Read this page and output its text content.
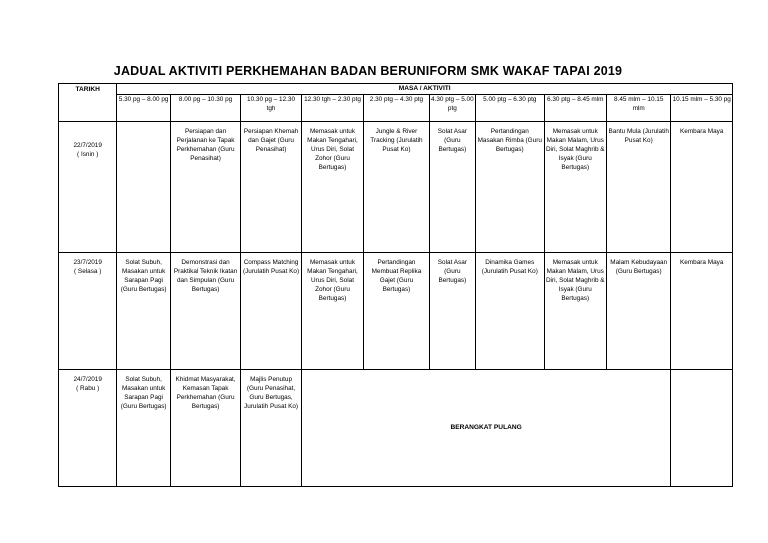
JADUAL AKTIVITI PERKHEMAHAN BADAN BERUNIFORM SMK WAKAF TAPAI 2019
TARIKH	MASA / AKTIVITI									
	5.30 pg – 8.00 pg	8.00 pg – 10.30 pg	10.30 pg – 12.30 tgh	12.30 tgh – 2.30 ptg	2.30 ptg – 4.30 ptg	4.30 ptg – 5.00 ptg	5.00 ptg – 6.30 ptg	6.30 ptg – 8.45 mlm	8.45 mlm – 10.15 mlm	10.15 mlm – 5.30 pg

22/7/2019
( Isnin )		Persiapan dan Perjalanan ke Tapak Perkhemahan (Guru Penasihat)	Persiapan Khemah dan Gajet (Guru Penasihat)	Memasak untuk Makan Tengahari, Urus Diri, Solat Zohor (Guru Bertugas)	Jungle & River Tracking (Jurulatih Pusat Ko)	Solat Asar (Guru Bertugas)	Pertandingan Masakan Rimba (Guru Bertugas)	Memasak untuk Makan Malam, Urus Diri, Solat Maghrib & Isyak (Guru Bertugas)	Bantu Mula (Jurulatih Pusat Ko)	Kembara Maya

23/7/2019
( Selasa )	Solat Subuh, Masakan untuk Sarapan Pagi (Guru Bertugas)	Demonstrasi dan Praktikal Teknik Ikatan dan Simpulan (Guru Bertugas)	Compass Matching (Jurulatih Pusat Ko)	Memasak untuk Makan Tengahari, Urus Diri, Solat Zohor (Guru Bertugas)	Pertandingan Membuat Replika Gajet (Guru Bertugas)	Solat Asar (Guru Bertugas)	Dinamika Games (Jurulatih Pusat Ko)	Memasak untuk Makan Malam, Urus Diri, Solat Maghrib & Isyak (Guru Bertugas)	Malam Kebudayaan (Guru Bertugas)	Kembara Maya

24/7/2019
( Rabu )	Solat Subuh, Masakan untuk Sarapan Pagi (Guru Bertugas)	Khidmat Masyarakat, Kemasan Tapak Perkhemahan (Guru Bertugas)	Majlis Penutup (Guru Penasihat, Guru Bertugas, Jurulatih Pusat Ko)	BERANGKAT PULANG						
